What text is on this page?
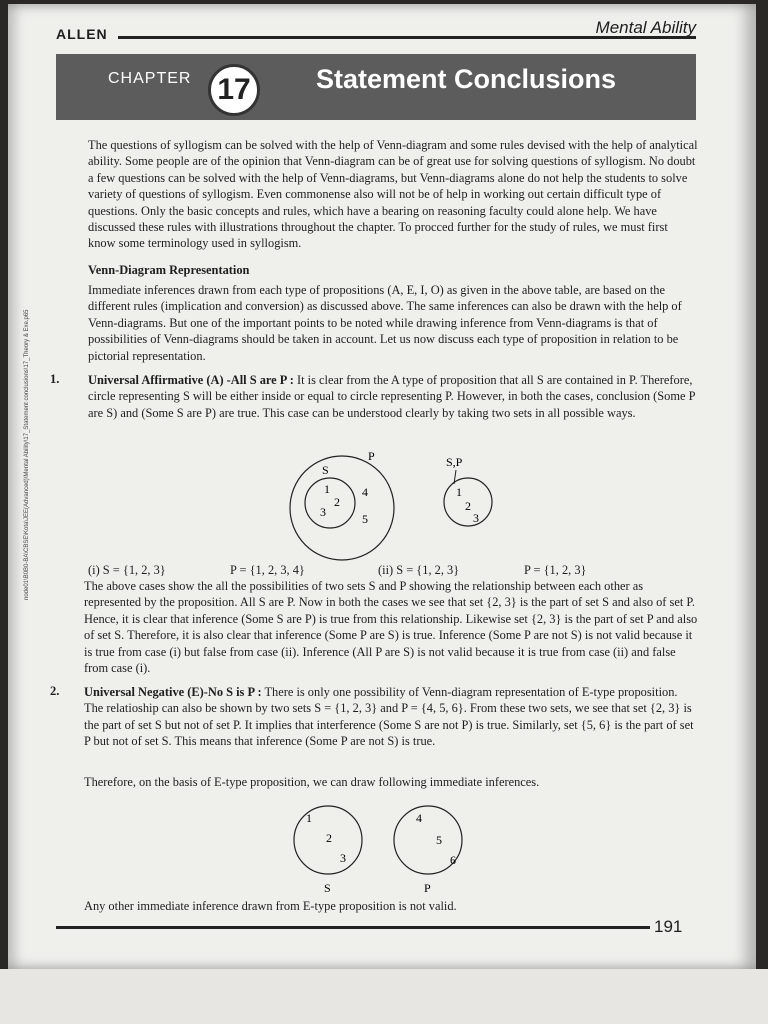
ALLEN	Mental Ability
CHAPTER 17	Statement Conclusions
The questions of syllogism can be solved with the help of Venn-diagram and some rules devised with the help of analytical ability. Some people are of the opinion that Venn-diagram can be of great use for solving questions of syllogism. No doubt a few questions can be solved with the help of Venn-diagrams, but Venn-diagrams alone do not help the students to solve variety of questions of syllogism. Even commonense also will not be of help in working out certain difficult type of questions. Only the basic concepts and rules, which have a bearing on reasoning faculty could alone help. We have discussed these rules with illustrations throughout the chapter. To procced further for the study of rules, we must first know some terminology used in syllogism.
Venn-Diagram Representation
Immediate inferences drawn from each type of propositions (A, E, I, O) as given in the above table, are based on the different rules (implication and conversion) as discussed above. The same inferences can also be drawn with the help of Venn-diagrams. But one of the important points to be noted while drawing inference from Venn-diagrams is that of possibilities of Venn-diagrams should be taken in account. Let us now discuss each type of proposition in relation to be pictorial representation.
1. Universal Affirmative (A) -All S are P : It is clear from the A type of proposition that all S are contained in P. Therefore, circle representing S will be either inside or equal to circle representing P. However, in both the cases, conclusion (Some P are S) and (Some S are P) are true. This case can be understood clearly by taking two sets in all possible ways.
P
S
1
2
3
4
5
S,P
1
2
3
(i) S = {1, 2, 3}	P = {1, 2, 3, 4}	(ii) S = {1, 2, 3}	P = {1, 2, 3}
The above cases show the all the possibilities of two sets S and P showing the relationship between each other as represented by the proposition. All S are P. Now in both the cases we see that set {2, 3} is the part of set S and also of set P. Hence, it is clear that inference (Some S are P) is true from this relationship. Likewise set {2, 3} is the part of set P and also of set S. Therefore, it is also clear that inference (Some P are S) is true. Inference (Some P are not S) is not valid because it is true from case (i) but false from case (ii). Inference (All P are S) is not valid because it is true from case (ii) and false from case (i).
2. Universal Negative (E)-No S is P : There is only one possibility of Venn-diagram representation of E-type proposition. The relatioship can also be shown by two sets S = {1, 2, 3} and P = {4, 5, 6}. From these two sets, we see that set {2, 3} is the part of set S but not of set P. It implies that interference (Some S are not P) is true. Similarly, set {5, 6} is the part of set P but not of set S. This means that inference (Some P are not S) is true.
Therefore, on the basis of E-type proposition, we can draw following immediate inferences.
1
2
3
4
5
6
S	P
Any other immediate inference drawn from E-type proposition is not valid.
191
node01\B0B0-BA\CBSE\Kota\JEE(Advanced)\Mental Ability\17_Statement conclusions\17_Theory & Exe.p65
